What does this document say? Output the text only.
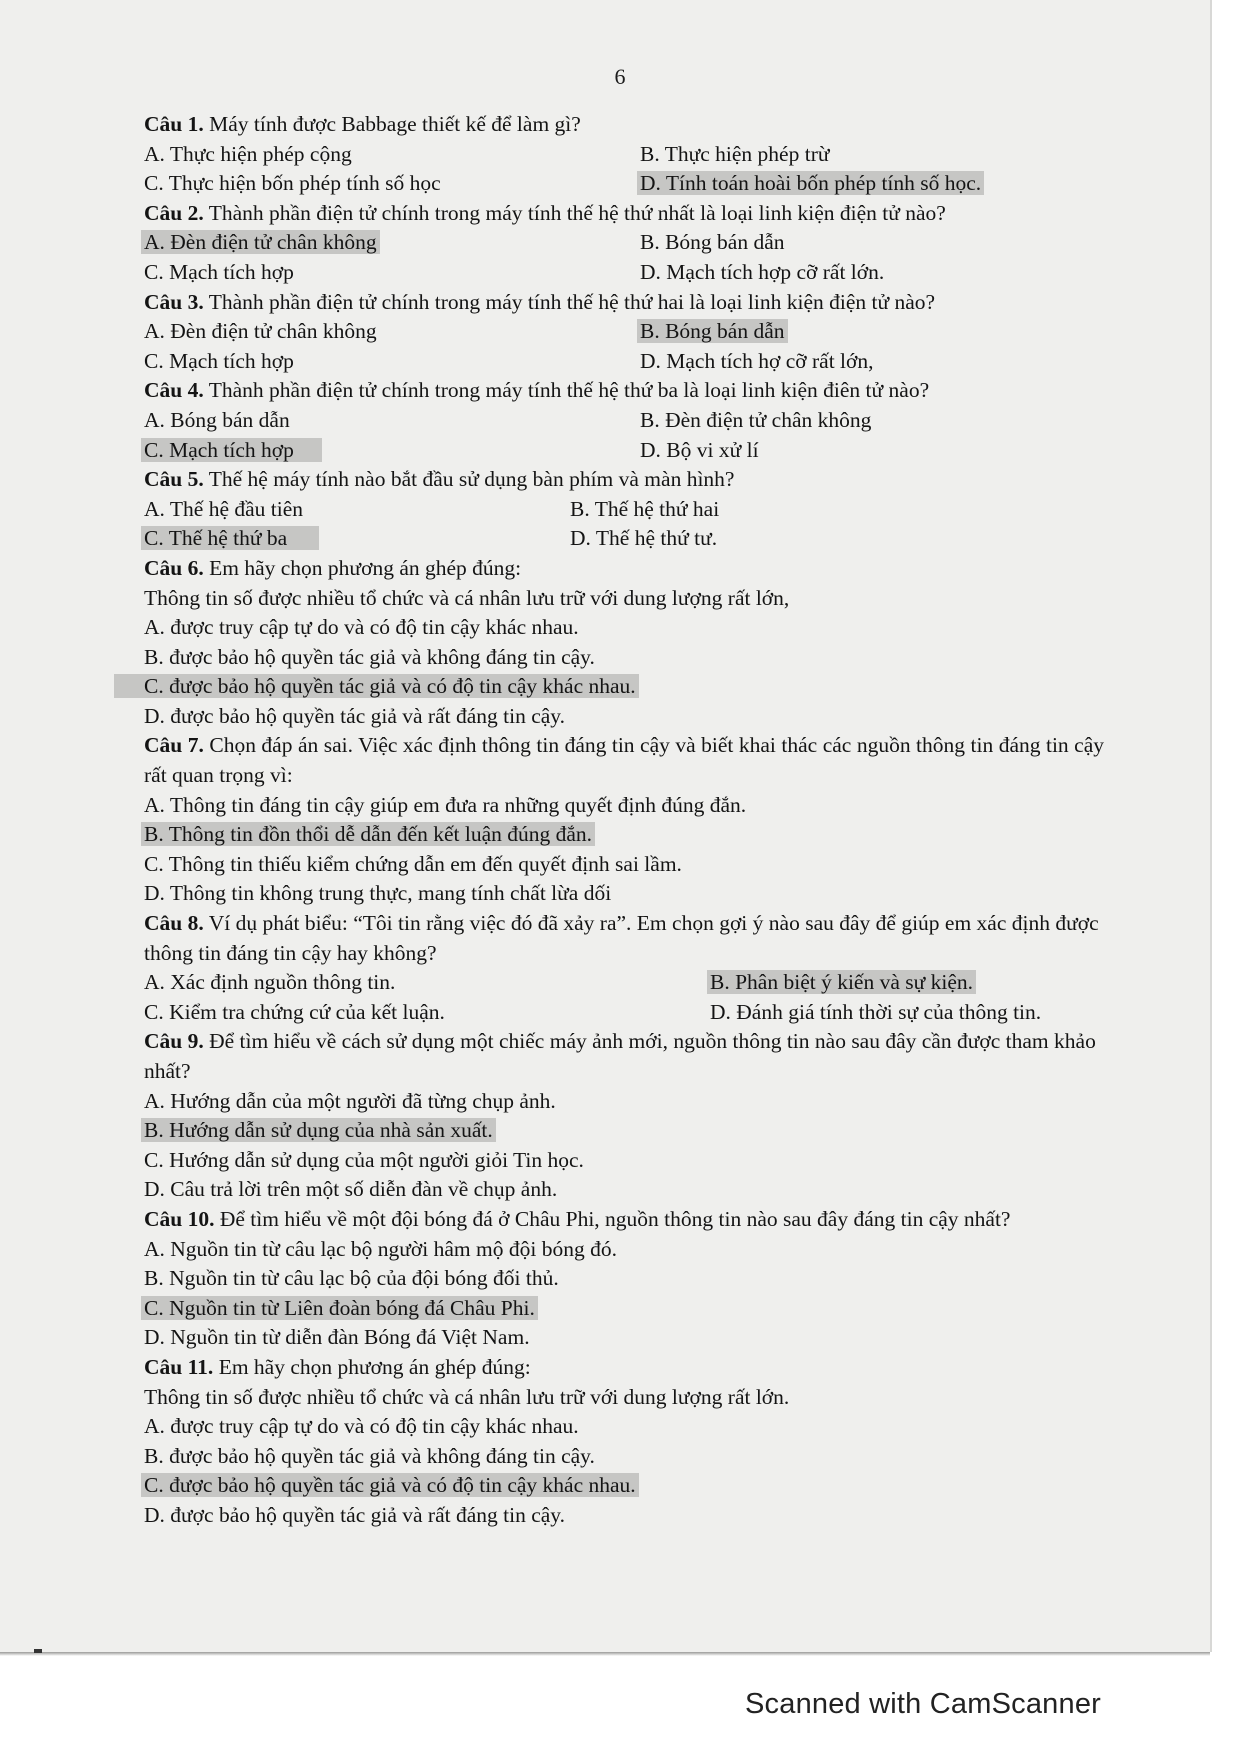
6

Câu 1. Máy tính được Babbage thiết kế để làm gì?

A. Thực hiện phép cộng	B. Thực hiện phép trừ
C. Thực hiện bốn phép tính số học	D. Tính toán hoài bốn phép tính số học.

Câu 2. Thành phần điện tử chính trong máy tính thế hệ thứ nhất là loại linh kiện điện tử nào?

A. Đèn điện tử chân không	B. Bóng bán dẫn
C. Mạch tích hợp	D. Mạch tích hợp cỡ rất lớn.

Câu 3. Thành phần điện tử chính trong máy tính thế hệ thứ hai là loại linh kiện điện tử nào?

A. Đèn điện tử chân không	B. Bóng bán dẫn
C. Mạch tích hợp	D. Mạch tích hợ cỡ rất lớn,

Câu 4. Thành phần điện tử chính trong máy tính thế hệ thứ ba là loại linh kiện điên tử nào?

A. Bóng bán dẫn	B. Đèn điện tử chân không
C. Mạch tích hợp	D. Bộ vi xử lí

Câu 5. Thế hệ máy tính nào bắt đầu sử dụng bàn phím và màn hình?

A. Thế hệ đầu tiên	B. Thế hệ thứ hai
C. Thế hệ thứ ba	D. Thế hệ thứ tư.

Câu 6. Em hãy chọn phương án ghép đúng:

Thông tin số được nhiều tổ chức và cá nhân lưu trữ với dung lượng rất lớn,
A. được truy cập tự do và có độ tin cậy khác nhau.
B. được bảo hộ quyền tác giả và không đáng tin cậy.
C. được bảo hộ quyền tác giả và có độ tin cậy khác nhau.
D. được bảo hộ quyền tác giả và rất đáng tin cậy.

Câu 7. Chọn đáp án sai. Việc xác định thông tin đáng tin cậy và biết khai thác các nguồn thông tin đáng tin cậy rất quan trọng vì:

A. Thông tin đáng tin cậy giúp em đưa ra những quyết định đúng đắn.
B. Thông tin đồn thổi dễ dẫn đến kết luận đúng đắn.
C. Thông tin thiếu kiểm chứng dẫn em đến quyết định sai lầm.
D. Thông tin không trung thực, mang tính chất lừa dối

Câu 8. Ví dụ phát biểu: “Tôi tin rằng việc đó đã xảy ra”. Em chọn gợi ý nào sau đây để giúp em xác định được thông tin đáng tin cậy hay không?

A. Xác định nguồn thông tin.	B. Phân biệt ý kiến và sự kiện.
C. Kiểm tra chứng cứ của kết luận.	D. Đánh giá tính thời sự của thông tin.

Câu 9. Để tìm hiểu về cách sử dụng một chiếc máy ảnh mới, nguồn thông tin nào sau đây cần được tham khảo nhất?

A. Hướng dẫn của một người đã từng chụp ảnh.
B. Hướng dẫn sử dụng của nhà sản xuất.
C. Hướng dẫn sử dụng của một người giỏi Tin học.
D. Câu trả lời trên một số diễn đàn về chụp ảnh.

Câu 10. Để tìm hiểu về một đội bóng đá ở Châu Phi, nguồn thông tin nào sau đây đáng tin cậy nhất?

A. Nguồn tin từ câu lạc bộ người hâm mộ đội bóng đó.
B. Nguồn tin từ câu lạc bộ của đội bóng đối thủ.
C. Nguồn tin từ Liên đoàn bóng đá Châu Phi.
D. Nguồn tin từ diễn đàn Bóng đá Việt Nam.

Câu 11. Em hãy chọn phương án ghép đúng:

Thông tin số được nhiều tổ chức và cá nhân lưu trữ với dung lượng rất lớn.
A. được truy cập tự do và có độ tin cậy khác nhau.
B. được bảo hộ quyền tác giả và không đáng tin cậy.
C. được bảo hộ quyền tác giả và có độ tin cậy khác nhau.
D. được bảo hộ quyền tác giả và rất đáng tin cậy.
Scanned with CamScanner
